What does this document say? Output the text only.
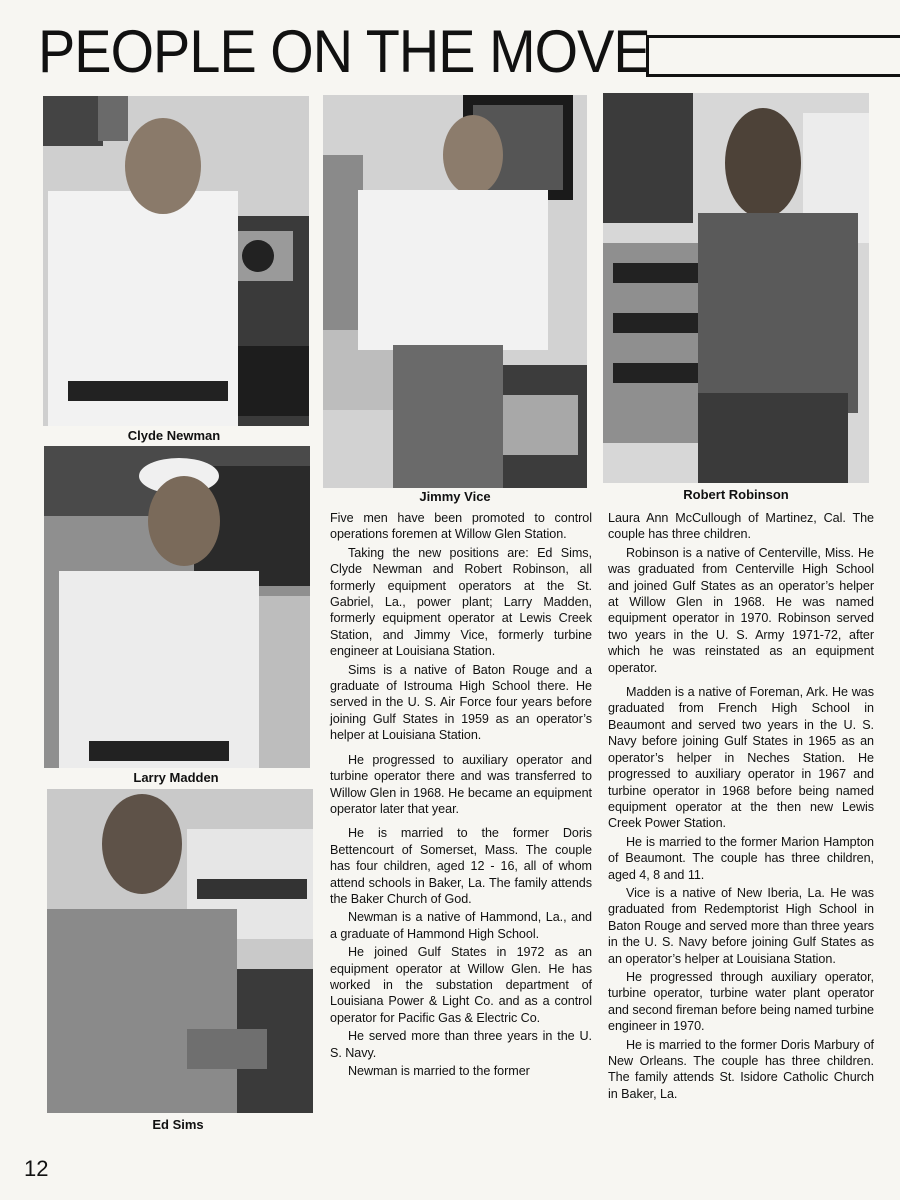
PEOPLE ON THE MOVE

Clyde Newman

Larry Madden

Ed Sims

Jimmy Vice	Robert Robinson

Five men have been promoted to control operations foremen at Willow Glen Station.

Taking the new positions are: Ed Sims, Clyde Newman and Robert Robinson, all formerly equipment operators at the St. Gabriel, La., power plant; Larry Madden, formerly equipment operator at Lewis Creek Station, and Jimmy Vice, formerly turbine engineer at Louisiana Station.

Sims is a native of Baton Rouge and a graduate of Istrouma High School there. He served in the U. S. Air Force four years before joining Gulf States in 1959 as an operator’s helper at Louisiana Station.

He progressed to auxiliary operator and turbine operator there and was transferred to Willow Glen in 1968. He became an equipment operator later that year.

He is married to the former Doris Bettencourt of Somerset, Mass. The couple has four children, aged 12 - 16, all of whom attend schools in Baker, La. The family attends the Baker Church of God.

Newman is a native of Hammond, La., and a graduate of Hammond High School.

He joined Gulf States in 1972 as an equipment operator at Willow Glen. He has worked in the substation department of Louisiana Power & Light Co. and as a control operator for Pacific Gas & Electric Co.

He served more than three years in the U. S. Navy.

Newman is married to the former

Laura Ann McCullough of Martinez, Cal. The couple has three children.

Robinson is a native of Centerville, Miss. He was graduated from Centerville High School and joined Gulf States as an operator’s helper at Willow Glen in 1968. He was named equipment operator in 1970. Robinson served two years in the U. S. Army 1971-72, after which he was reinstated as an equipment operator.

Madden is a native of Foreman, Ark. He was graduated from French High School in Beaumont and served two years in the U. S. Navy before joining Gulf States in 1965 as an operator’s helper in Neches Station. He progressed to auxiliary operator in 1967 and turbine operator in 1968 before being named equipment operator at the then new Lewis Creek Power Station.

He is married to the former Marion Hampton of Beaumont. The couple has three children, aged 4, 8 and 11.

Vice is a native of New Iberia, La. He was graduated from Redemptorist High School in Baton Rouge and served more than three years in the U. S. Navy before joining Gulf States as an operator’s helper at Louisiana Station.

He progressed through auxiliary operator, turbine operator, turbine water plant operator and second fireman before being named turbine engineer in 1970.

He is married to the former Doris Marbury of New Orleans. The couple has three children. The family attends St. Isidore Catholic Church in Baker, La.

12
